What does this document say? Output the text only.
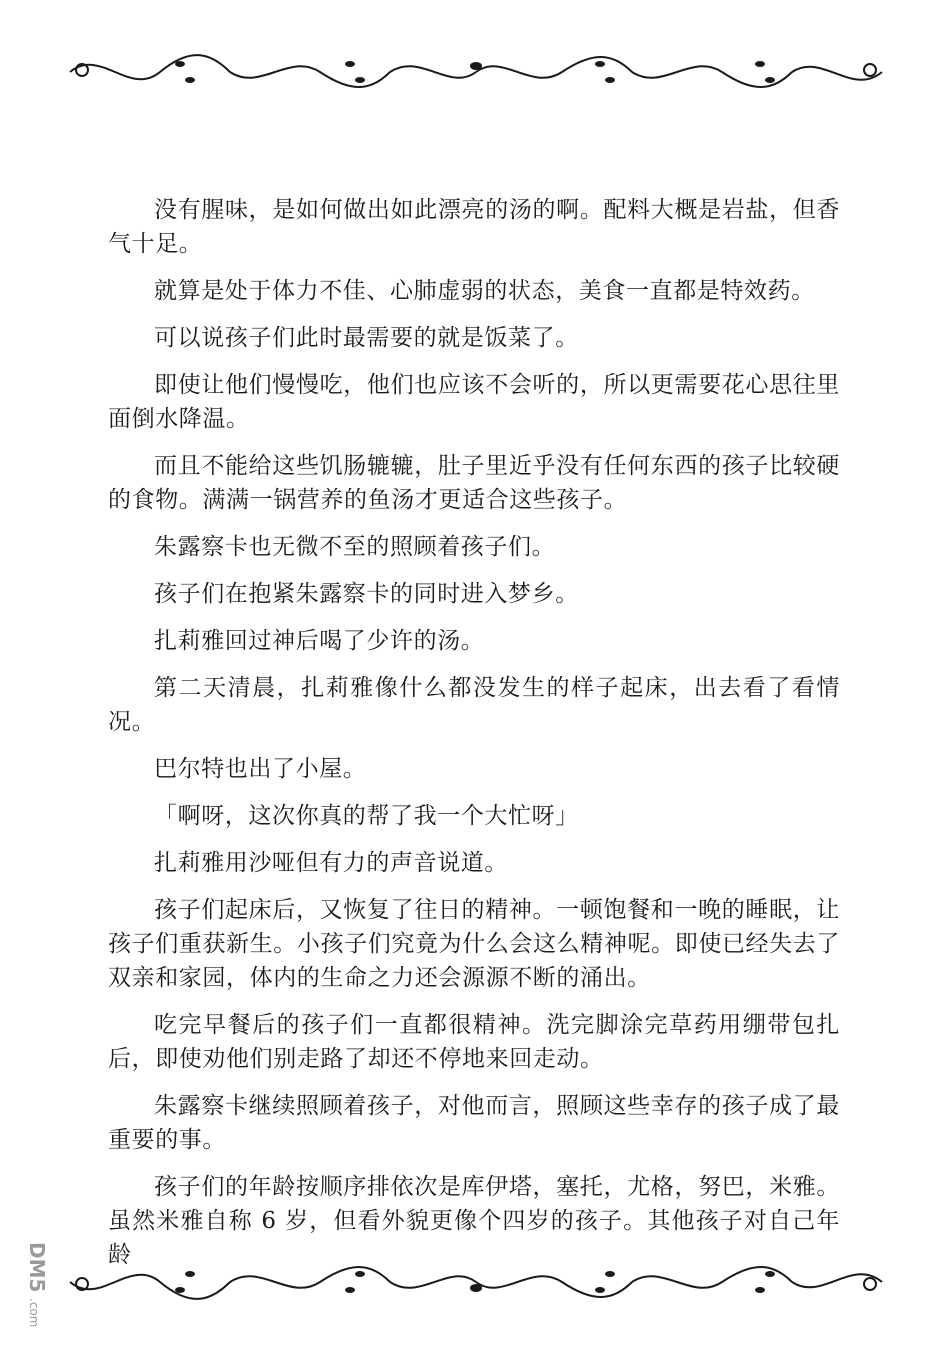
没有腥味，是如何做出如此漂亮的汤的啊。配料大概是岩盐，但香气十足。

就算是处于体力不佳、心肺虚弱的状态，美食一直都是特效药。

可以说孩子们此时最需要的就是饭菜了。

即使让他们慢慢吃，他们也应该不会听的，所以更需要花心思往里面倒水降温。

而且不能给这些饥肠辘辘，肚子里近乎没有任何东西的孩子比较硬的食物。满满一锅营养的鱼汤才更适合这些孩子。

朱露察卡也无微不至的照顾着孩子们。

孩子们在抱紧朱露察卡的同时进入梦乡。

扎莉雅回过神后喝了少许的汤。

第二天清晨，扎莉雅像什么都没发生的样子起床，出去看了看情况。

巴尔特也出了小屋。

「啊呀，这次你真的帮了我一个大忙呀」

扎莉雅用沙哑但有力的声音说道。

孩子们起床后，又恢复了往日的精神。一顿饱餐和一晚的睡眠，让孩子们重获新生。小孩子们究竟为什么会这么精神呢。即使已经失去了双亲和家园，体内的生命之力还会源源不断的涌出。

吃完早餐后的孩子们一直都很精神。洗完脚涂完草药用绷带包扎后，即使劝他们别走路了却还不停地来回走动。

朱露察卡继续照顾着孩子，对他而言，照顾这些幸存的孩子成了最重要的事。

孩子们的年龄按顺序排依次是库伊塔，塞托，尤格，努巴，米雅。虽然米雅自称 6 岁，但看外貌更像个四岁的孩子。其他孩子对自己年龄

DM5
.com
